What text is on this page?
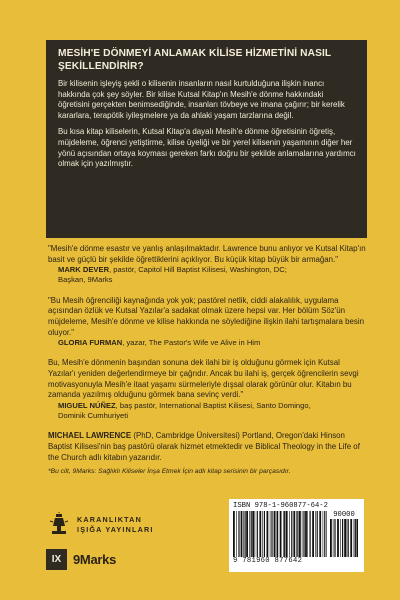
MESİH'E DÖNMEYİ ANLAMAK KİLİSE HİZMETİNİ NASIL ŞEKİLLENDİRİR?

Bir kilisenin işleyiş şekli o kilisenin insanların nasıl kurtulduğuna ilişkin inancı hakkında çok şey söyler. Bir kilise Kutsal Kitap'ın Mesih'e dönme hakkındaki öğretisini gerçekten benimsediğinde, insanları tövbeye ve imana çağırır; bir kerelik kararlara, terapötik iyileşmelere ya da ahlaki yaşam tarzlarına değil.

Bu kısa kitap kiliselerin, Kutsal Kitap'a dayalı Mesih'e dönme öğretisinin öğretiş, müjdeleme, öğrenci yetiştirme, kilise üyeliği ve bir yerel kilisenin yaşamının diğer her yönü açısından ortaya koyması gereken farkı doğru bir şekilde anlamalarına yardımcı olmak için yazılmıştır.

"Mesih'e dönme esastır ve yanlış anlaşılmaktadır. Lawrence bunu anlıyor ve Kutsal Kitap'ın basit ve güçlü bir şekilde öğrettiklerini açıklıyor. Bu küçük kitap büyük bir armağan."
MARK DEVER, pastör, Capitol Hill Baptist Kilisesi, Washington, DC;
Başkan, 9Marks
"Bu Mesih öğrenciliği kaynağında yok yok; pastörel netlik, ciddi alakalılık, uygulama açısından özlük ve Kutsal Yazılar'a sadakat olmak üzere hepsi var. Her bölüm Söz'ün müjdeleme, Mesih'e dönme ve kilise hakkında ne söylediğine ilişkin ilahi tartışmalara besin oluyor."
GLORIA FURMAN, yazar, The Pastor's Wife ve Alive in Him
Bu, Mesih'e dönmenin başından sonuna dek ilahi bir iş olduğunu görmek için Kutsal Yazılar'ı yeniden değerlendirmeye bir çağrıdır. Ancak bu ilahi iş, gerçek öğrencilerin sevgi motivasyonuyla Mesih'e itaat yaşamı sürmeleriyle dışsal olarak görünür olur. Kitabın bu zamanda yazılmış olduğunu görmek bana sevinç verdi."
MIGUEL NÚÑEZ, baş pastör, International Baptist Kilisesi, Santo Domingo,
Dominik Cumhuriyeti
MICHAEL LAWRENCE (PhD, Cambridge Üniversitesi) Portland, Oregon'daki Hinson Baptist Kilisesi'nin baş pastörü olarak hizmet etmektedir ve Biblical Theology in the Life of the Church adlı kitabın yazarıdır.
*Bu cilt, 9Marks: Sağlıklı Kiliseler İnşa Etmek İçin adlı kitap serisinin bir parçasıdır.
KARANLIKTAN
IŞIĞA YAYINLARI
IX 9Marks
ISBN 978-1-960877-64-2
90000
9 781960 877642
